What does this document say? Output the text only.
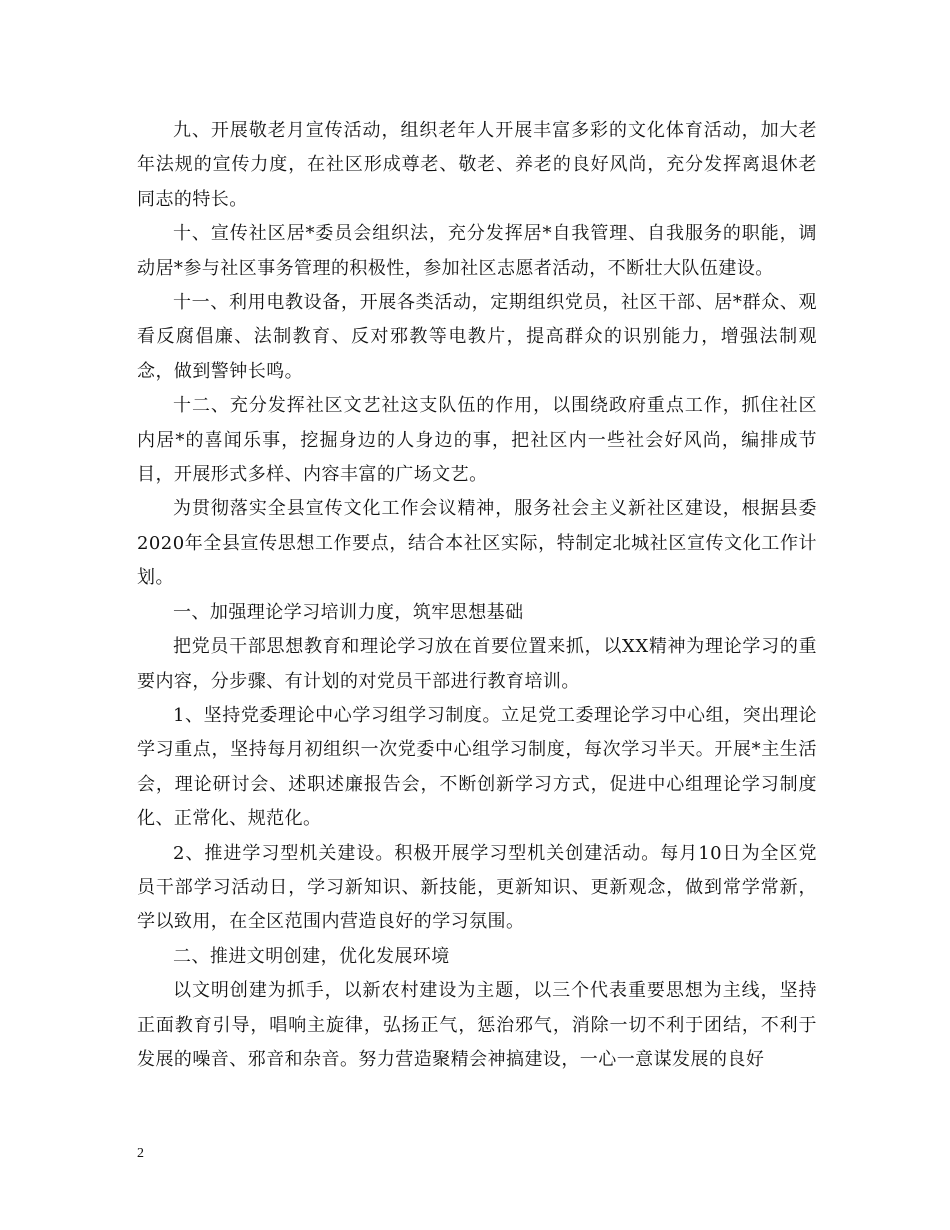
九、开展敬老月宣传活动，组织老年人开展丰富多彩的文化体育活动，加大老年法规的宣传力度，在社区形成尊老、敬老、养老的良好风尚，充分发挥离退休老同志的特长。

十、宣传社区居*委员会组织法，充分发挥居*自我管理、自我服务的职能，调动居*参与社区事务管理的积极性，参加社区志愿者活动，不断壮大队伍建设。

十一、利用电教设备，开展各类活动，定期组织党员，社区干部、居*群众、观看反腐倡廉、法制教育、反对邪教等电教片，提高群众的识别能力，增强法制观念，做到警钟长鸣。

十二、充分发挥社区文艺社这支队伍的作用，以围绕政府重点工作，抓住社区内居*的喜闻乐事，挖掘身边的人身边的事，把社区内一些社会好风尚，编排成节目，开展形式多样、内容丰富的广场文艺。

为贯彻落实全县宣传文化工作会议精神，服务社会主义新社区建设，根据县委2020年全县宣传思想工作要点，结合本社区实际，特制定北城社区宣传文化工作计划。

一、加强理论学习培训力度，筑牢思想基础

把党员干部思想教育和理论学习放在首要位置来抓，以XX精神为理论学习的重要内容，分步骤、有计划的对党员干部进行教育培训。

1、坚持党委理论中心学习组学习制度。立足党工委理论学习中心组，突出理论学习重点，坚持每月初组织一次党委中心组学习制度，每次学习半天。开展*主生活会，理论研讨会、述职述廉报告会，不断创新学习方式，促进中心组理论学习制度化、正常化、规范化。

2、推进学习型机关建设。积极开展学习型机关创建活动。每月10日为全区党员干部学习活动日，学习新知识、新技能，更新知识、更新观念，做到常学常新，学以致用，在全区范围内营造良好的学习氛围。

二、推进文明创建，优化发展环境

以文明创建为抓手，以新农村建设为主题，以三个代表重要思想为主线，坚持正面教育引导，唱响主旋律，弘扬正气，惩治邪气，消除一切不利于团结，不利于发展的噪音、邪音和杂音。努力营造聚精会神搞建设，一心一意谋发展的良好

2
